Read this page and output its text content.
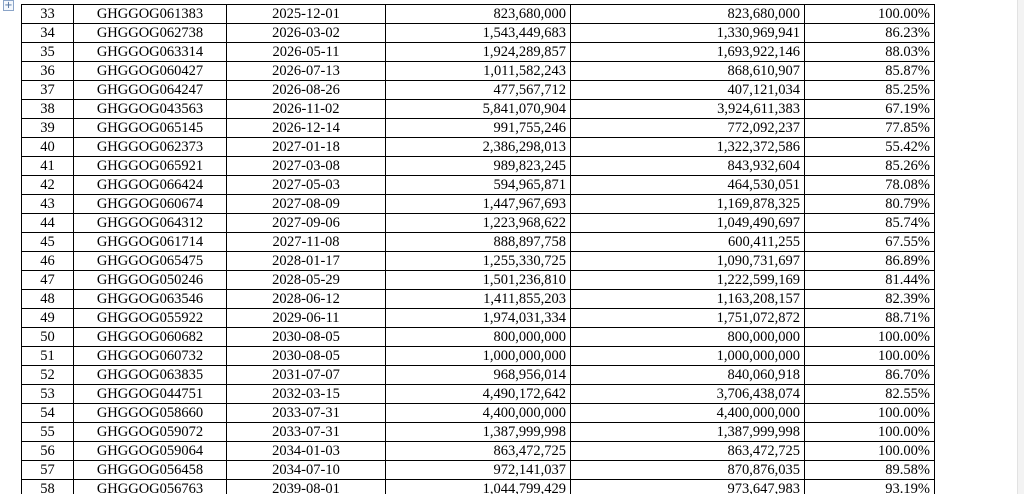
+
33	GHGGOG061383	2025-12-01	823,680,000	823,680,000	100.00%
34	GHGGOG062738	2026-03-02	1,543,449,683	1,330,969,941	86.23%
35	GHGGOG063314	2026-05-11	1,924,289,857	1,693,922,146	88.03%
36	GHGGOG060427	2026-07-13	1,011,582,243	868,610,907	85.87%
37	GHGGOG064247	2026-08-26	477,567,712	407,121,034	85.25%
38	GHGGOG043563	2026-11-02	5,841,070,904	3,924,611,383	67.19%
39	GHGGOG065145	2026-12-14	991,755,246	772,092,237	77.85%
40	GHGGOG062373	2027-01-18	2,386,298,013	1,322,372,586	55.42%
41	GHGGOG065921	2027-03-08	989,823,245	843,932,604	85.26%
42	GHGGOG066424	2027-05-03	594,965,871	464,530,051	78.08%
43	GHGGOG060674	2027-08-09	1,447,967,693	1,169,878,325	80.79%
44	GHGGOG064312	2027-09-06	1,223,968,622	1,049,490,697	85.74%
45	GHGGOG061714	2027-11-08	888,897,758	600,411,255	67.55%
46	GHGGOG065475	2028-01-17	1,255,330,725	1,090,731,697	86.89%
47	GHGGOG050246	2028-05-29	1,501,236,810	1,222,599,169	81.44%
48	GHGGOG063546	2028-06-12	1,411,855,203	1,163,208,157	82.39%
49	GHGGOG055922	2029-06-11	1,974,031,334	1,751,072,872	88.71%
50	GHGGOG060682	2030-08-05	800,000,000	800,000,000	100.00%
51	GHGGOG060732	2030-08-05	1,000,000,000	1,000,000,000	100.00%
52	GHGGOG063835	2031-07-07	968,956,014	840,060,918	86.70%
53	GHGGOG044751	2032-03-15	4,490,172,642	3,706,438,074	82.55%
54	GHGGOG058660	2033-07-31	4,400,000,000	4,400,000,000	100.00%
55	GHGGOG059072	2033-07-31	1,387,999,998	1,387,999,998	100.00%
56	GHGGOG059064	2034-01-03	863,472,725	863,472,725	100.00%
57	GHGGOG056458	2034-07-10	972,141,037	870,876,035	89.58%
58	GHGGOG056763	2039-08-01	1,044,799,429	973,647,983	93.19%
